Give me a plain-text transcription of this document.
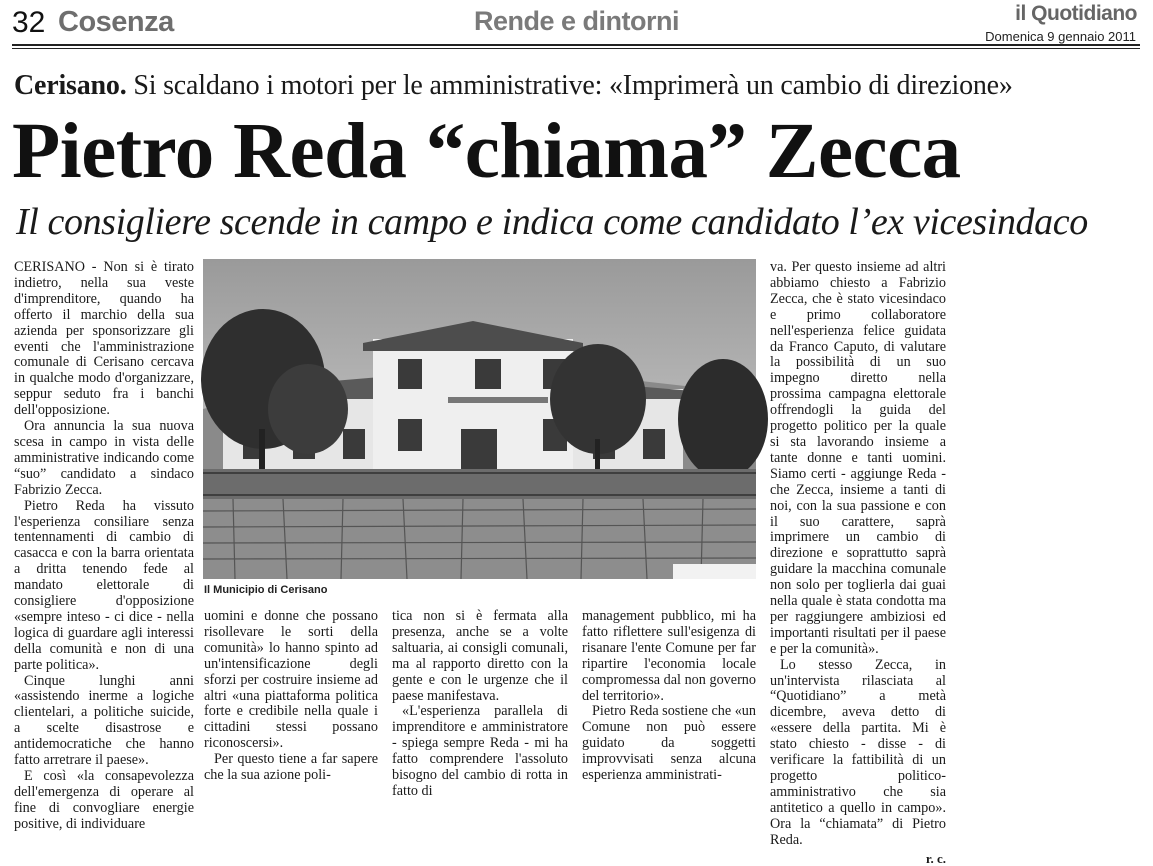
32 Cosenza	Rende e dintorni	il Quotidiano
Domenica 9 gennaio 2011
Cerisano. Si scaldano i motori per le amministrative: «Imprimerà un cambio di direzione»
Pietro Reda “chiama” Zecca
Il consigliere scende in campo e indica come candidato l’ex vicesindaco

CERISANO - Non si è tirato indietro, nella sua veste d'imprenditore, quando ha offerto il marchio della sua azienda per sponsorizzare gli eventi che l'amministrazione comunale di Cerisano cercava in qualche modo d'organizzare, seppur seduto fra i banchi dell'opposizione.

Ora annuncia la sua nuova scesa in campo in vista delle amministrative indicando come “suo” candidato a sindaco Fabrizio Zecca.

Pietro Reda ha vissuto l'esperienza consiliare senza tentennamenti di cambio di casacca e con la barra orientata a dritta tenendo fede al mandato elettorale di consigliere d'opposizione «sempre inteso - ci dice - nella logica di guardare agli interessi della comunità e non di una parte politica».

Cinque lunghi anni «assistendo inerme a logiche clientelari, a politiche suicide, a scelte disastrose e antidemocratiche che hanno fatto arretrare il paese».

E così «la consapevolezza dell'emergenza di operare al fine di convogliare energie positive, di individuare

Il Municipio di Cerisano

uomini e donne che possano risollevare le sorti della comunità» lo hanno spinto ad un'intensificazione degli sforzi per costruire insieme ad altri «una piattaforma politica forte e credibile nella quale i cittadini stessi possano riconoscersi».

Per questo tiene a far sapere che la sua azione poli-

tica non si è fermata alla presenza, anche se a volte saltuaria, ai consigli comunali, ma al rapporto diretto con la gente e con le urgenze che il paese manifestava.

«L'esperienza parallela di imprenditore e amministratore - spiega sempre Reda - mi ha fatto comprendere l'assoluto bisogno del cambio di rotta in fatto di

management pubblico, mi ha fatto riflettere sull'esigenza di risanare l'ente Comune per far ripartire l'economia locale compromessa dal non governo del territorio».

Pietro Reda sostiene che «un Comune non può essere guidato da soggetti improvvisati senza alcuna esperienza amministrati-

va. Per questo insieme ad altri abbiamo chiesto a Fabrizio Zecca, che è stato vicesindaco e primo collaboratore nell'esperienza felice guidata da Franco Caputo, di valutare la possibilità di un suo impegno diretto nella prossima campagna elettorale offrendogli la guida del progetto politico per la quale si sta lavorando insieme a tante donne e tanti uomini. Siamo certi - aggiunge Reda - che Zecca, insieme a tanti di noi, con la sua passione e con il suo carattere, saprà imprimere un cambio di direzione e soprattutto saprà guidare la macchina comunale non solo per toglierla dai guai nella quale è stata condotta ma per raggiungere ambiziosi ed importanti risultati per il paese e per la comunità».

Lo stesso Zecca, in un'intervista rilasciata al “Quotidiano” a metà dicembre, aveva detto di «essere della partita. Mi è stato chiesto - disse - di verificare la fattibilità di un progetto politico-amministrativo che sia antitetico a quello in campo». Ora la “chiamata” di Pietro Reda.

r. c.
